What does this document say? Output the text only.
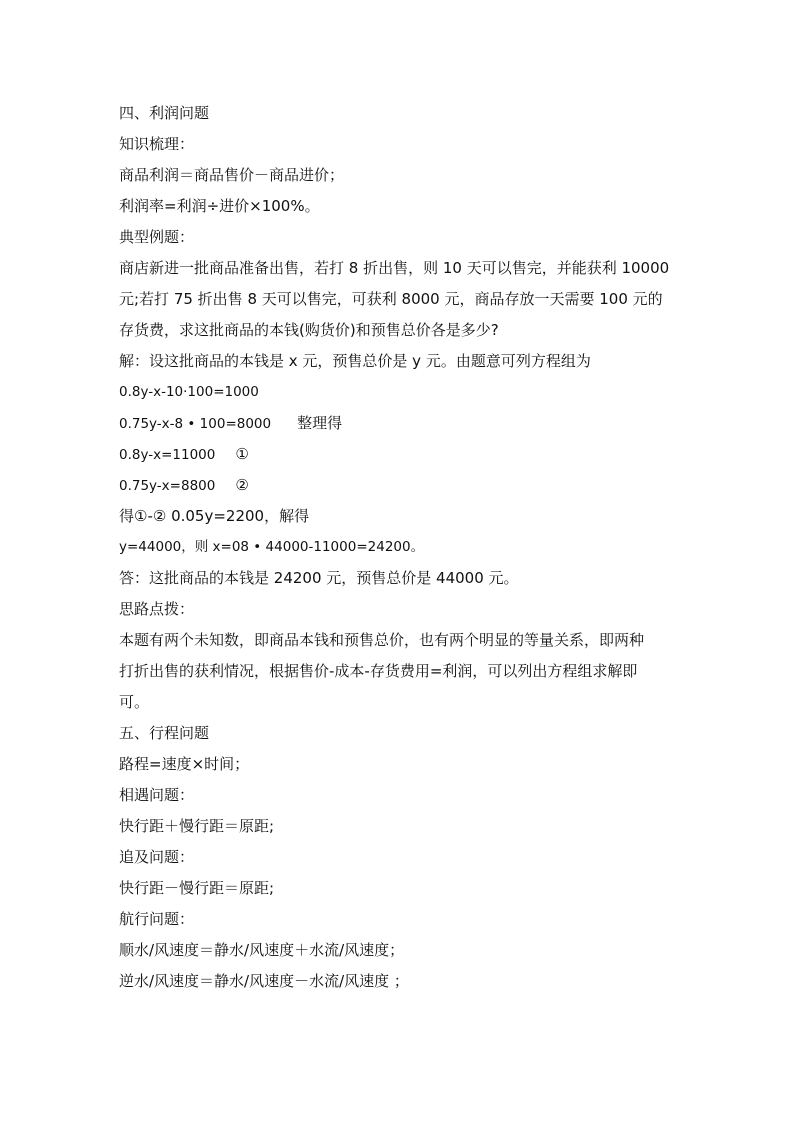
四、利润问题
知识梳理：
商品利润＝商品售价－商品进价；
利润率=利润÷进价×100%。
典型例题：
商店新进一批商品准备出售，若打 8 折出售，则 10 天可以售完，并能获利 10000
元;若打 75 折出售 8 天可以售完，可获利 8000 元，商品存放一天需要 100 元的
存货费，求这批商品的本钱(购货价)和预售总价各是多少?
解：设这批商品的本钱是 x 元，预售总价是 y 元。由题意可列方程组为
0.8y-x-10·100=1000
0.75y-x-8 • 100=8000 整理得
0.8y-x=11000 ①
0.75y-x=8800 ②
得①-② 0.05y=2200，解得
y=44000，则 x=08 • 44000-11000=24200。
答：这批商品的本钱是 24200 元，预售总价是 44000 元。
思路点拨：
本题有两个未知数，即商品本钱和预售总价，也有两个明显的等量关系，即两种
打折出售的获利情况，根据售价-成本-存货费用=利润，可以列出方程组求解即
可。
五、行程问题
路程=速度×时间；
相遇问题：
快行距＋慢行距＝原距;
追及问题：
快行距－慢行距＝原距;
航行问题：
顺水/风速度＝静水/风速度＋水流/风速度；
逆水/风速度＝静水/风速度－水流/风速度 ；
